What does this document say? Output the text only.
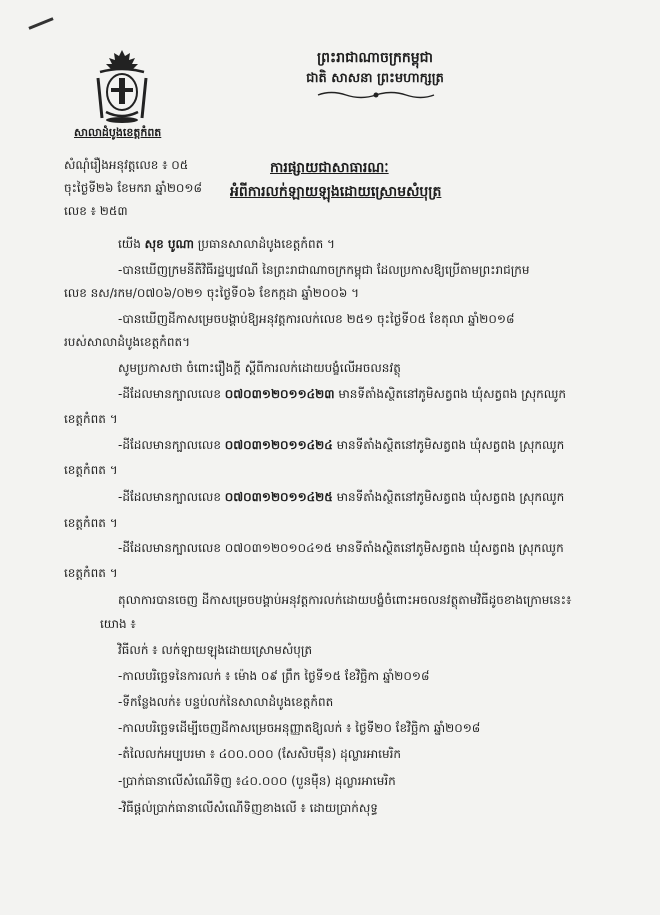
សាលាដំបូងខេត្តកំពត
ព្រះរាជាណាចក្រកម្ពុជា
ជាតិ សាសនា ព្រះមហាក្សត្រ
សំណុំរឿងអនុវត្តលេខ ៖ ០៥
ចុះថ្ងៃទី២៦ ខែមករា ឆ្នាំ២០១៨
លេខ ៖ ២៥៣
ការផ្សាយជាសាធារណៈ
អំពីការលក់ឡាយឡុងដោយស្រោមសំបុត្រ
យើង សុខ បូណា ប្រធានសាលាដំបូងខេត្តកំពត ។
-បានឃើញក្រមនីតិវិធីរដ្ឋប្បវេណី នៃព្រះរាជាណាចក្រកម្ពុជា ដែលប្រកាសឱ្យប្រើតាមព្រះរាជក្រម
លេខ នស/រកម/០៧០៦/០២១ ចុះថ្ងៃទី០៦ ខែកក្កដា ឆ្នាំ២០០៦ ។
-បានឃើញដីកាសម្រេចបង្គាប់ឱ្យអនុវត្តការលក់លេខ ២៥១ ចុះថ្ងៃទី០៥ ខែតុលា ឆ្នាំ២០១៨
របស់សាលាដំបូងខេត្តកំពត។
សូមប្រកាសថា ចំពោះរឿងក្តី ស្តីពីការលក់ដោយបង្ខំលើអចលនវត្ថុ
-ដីដែលមានក្បាលលេខ ០៧០៣១២០១១៤២៣ មានទីតាំងស្ថិតនៅភូមិសត្វពង ឃុំសត្វពង ស្រុកឈូក
ខេត្តកំពត ។
-ដីដែលមានក្បាលលេខ ០៧០៣១២០១១៤២៤ មានទីតាំងស្ថិតនៅភូមិសត្វពង ឃុំសត្វពង ស្រុកឈូក
ខេត្តកំពត ។
-ដីដែលមានក្បាលលេខ ០៧០៣១២០១១៤២៥ មានទីតាំងស្ថិតនៅភូមិសត្វពង ឃុំសត្វពង ស្រុកឈូក
ខេត្តកំពត ។
-ដីដែលមានក្បាលលេខ ០៧០៣១២០១០៤១៥ មានទីតាំងស្ថិតនៅភូមិសត្វពង ឃុំសត្វពង ស្រុកឈូក
ខេត្តកំពត ។
តុលាការបានចេញ ដីកាសម្រេចបង្គាប់អនុវត្តការលក់ដោយបង្ខំចំពោះអចលនវត្ថុតាមវិធីដូចខាងក្រោមនេះ៖
យោង ៖
វិធីលក់ ៖ លក់ឡាយឡុងដោយស្រោមសំបុត្រ
-កាលបរិច្ឆេទនៃការលក់ ៖ ម៉ោង ០៩ ព្រឹក ថ្ងៃទី១៥ ខែវិច្ឆិកា ឆ្នាំ២០១៨
-ទីកន្លែងលក់៖ បន្ទប់លក់នៃសាលាដំបូងខេត្តកំពត
-កាលបរិច្ឆេទដើម្បីចេញដីកាសម្រេចអនុញ្ញាតឱ្យលក់ ៖ ថ្ងៃទី២០ ខែវិច្ឆិកា ឆ្នាំ២០១៨
-តំលៃលក់អប្បបរមា ៖ ៤០០.០០០ (សែសិបម៉ឺន) ដុល្លារអាមេរិក
-ប្រាក់ធានាលើសំណើទិញ ៖៤០.០០០ (បួនម៉ឺន) ដុល្លារអាមេរិក
-វិធីផ្តល់ប្រាក់ធានាលើសំណើទិញខាងលើ ៖ ដោយប្រាក់សុទ្ធ
